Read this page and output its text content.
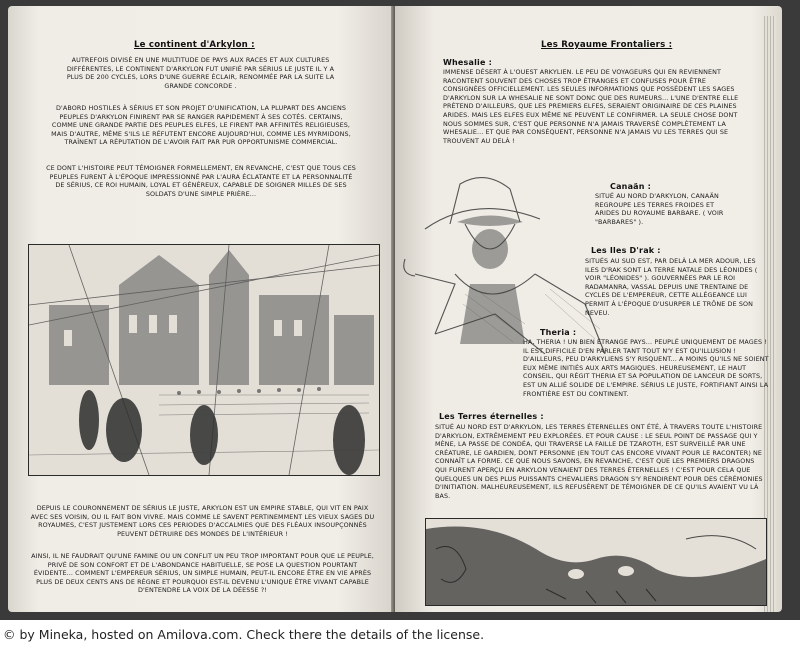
Le continent d'Arkylon :
AUTREFOIS DIVISÉ EN UNE MULTITUDE DE PAYS AUX RACES ET AUX CULTURES DIFFÉRENTES, LE CONTINENT D'ARKYLON FUT UNIFIÉ PAR SÉRIUS LE JUSTE IL Y A PLUS DE 200 CYCLES, LORS D'UNE GUERRE ÉCLAIR, RENOMMÉE PAR LA SUITE LA GRANDE CONCORDE .
D'ABORD HOSTILES À SÉRIUS ET SON PROJET D'UNIFICATION, LA PLUPART DES ANCIENS PEUPLES D'ARKYLON FINIRENT PAR SE RANGER RAPIDEMENT À SES COTÉS. CERTAINS, COMME UNE GRANDE PARTIE DES PEUPLES ELFES, LE FIRENT PAR AFFINITÉS RELIGIEUSES, MAIS D'AUTRE, MÊME S'ILS LE RÉFUTENT ENCORE AUJOURD'HUI, COMME LES MYRMIDONS, TRAÎNENT LA RÉPUTATION DE L'AVOIR FAIT PAR PUR OPPORTUNISME COMMERCIAL.
CE DONT L'HISTOIRE PEUT TÉMOIGNER FORMELLEMENT, EN REVANCHE, C'EST QUE TOUS CES PEUPLES FURENT À L'ÉPOQUE IMPRESSIONNÉ PAR L'AURA ÉCLATANTE ET LA PERSONNALITÉ DE SÉRIUS, CE ROI HUMAIN, LOYAL ET GÉNÉREUX, CAPABLE DE SOIGNER MILLES DE SES SOLDATS D'UNE SIMPLE PRIÈRE...
DEPUIS LE COURONNEMENT DE SÉRIUS LE JUSTE, ARKYLON EST UN EMPIRE STABLE, QUI VIT EN PAIX AVEC SES VOISIN, OU IL FAIT BON VIVRE. MAIS COMME LE SAVENT PERTINEMMENT LES VIEUX SAGES DU ROYAUMES, C'EST JUSTEMENT LORS CES PERIODES D'ACCALMIES QUE DES FLÉAUX INSOUPÇONNÉS PEUVENT DÉTRUIRE DES MONDES DE L'INTÉRIEUR !
AINSI, IL NE FAUDRAIT QU'UNE FAMINE OU UN CONFLIT UN PEU TROP IMPORTANT POUR QUE LE PEUPLE, PRIVÉ DE SON CONFORT ET DE L'ABONDANCE HABITUELLE, SE POSE LA QUESTION POURTANT ÉVIDENTE... COMMENT L'EMPEREUR SÉRIUS, UN SIMPLE HUMAIN, PEUT-IL ENCORE ÊTRE EN VIE APRÈS PLUS DE DEUX CENTS ANS DE RÈGNE ET POURQUOI EST-IL DEVENU L'UNIQUE ÊTRE VIVANT CAPABLE D'ENTENDRE LA VOIX DE LA DÉESSE ?!
Les Royaume Frontaliers :
Whesalie :
IMMENSE DÉSERT À L'OUEST ARKYLIEN. LE PEU DE VOYAGEURS QUI EN REVIENNENT RACONTENT SOUVENT DES CHOSES TROP ÉTRANGES ET CONFUSES POUR ÊTRE CONSIGNÉES OFFICIELLEMENT. LES SEULES INFORMATIONS QUE POSSÈDENT LES SAGES D'ARKYLON SUR LA WHESALIE NE SONT DONC QUE DES RUMEURS... L'UNE D'ENTRE ELLE PRÉTEND D'AILLEURS, QUE LES PREMIERS ELFES, SERAIENT ORIGINAIRE DE CES PLAINES ARIDES. MAIS LES ELFES EUX MÊME NE PEUVENT LE CONFIRMER. LA SEULE CHOSE DONT NOUS SOMMES SUR, C'EST QUE PERSONNE N'A JAMAIS TRAVERSÉ COMPLÈTEMENT LA WHESALIE... ET QUE PAR CONSÉQUENT, PERSONNE N'A JAMAIS VU LES TERRES QUI SE TROUVENT AU DELÀ !
Canaän :
SITUÉ AU NORD D'ARKYLON, CANAÄN REGROUPE LES TERRES FROIDES ET ARIDES DU ROYAUME BARBARE. ( VOIR "BARBARES" ).
Les Iles D'rak :
SITUÉS AU SUD EST, PAR DELÀ LA MER ADOUR, LES ILES D'RAK SONT LA TERRE NATALE DES LÉONIDES ( VOIR "LÉONIDES" ). GOUVERNÉES PAR LE ROI RADAMANRA, VASSAL DEPUIS UNE TRENTAINE DE CYCLES DE L'EMPEREUR, CETTE ALLÉGEANCE LUI PERMIT À L'ÉPOQUE D'USURPER LE TRÔNE DE SON NEVEU.
Theria :
HA, THERIA ! UN BIEN ÉTRANGE PAYS... PEUPLÉ UNIQUEMENT DE MAGES ! IL EST DIFFICILE D'EN PARLER TANT TOUT N'Y EST QU'ILLUSION ! D'AILLEURS, PEU D'ARKYLIENS S'Y RISQUENT... A MOINS QU'ILS NE SOIENT EUX MÊME INITIÉS AUX ARTS MAGIQUES. HEUREUSEMENT, LE HAUT CONSEIL, QUI RÉGIT THERIA ET SA POPULATION DE LANCEUR DE SORTS, EST UN ALLIÉ SOLIDE DE L'EMPIRE. SÉRIUS LE JUSTE, FORTIFIANT AINSI LA FRONTIÈRE EST DU CONTINENT.
Les Terres éternelles :
SITUÉ AU NORD EST D'ARKYLON, LES TERRES ÉTERNELLES ONT ÉTÉ, À TRAVERS TOUTE L'HISTOIRE D'ARKYLON, EXTRÊMEMENT PEU EXPLORÉES. ET POUR CAUSE : LE SEUL POINT DE PASSAGE QUI Y MÈNE, LA PASSE DE CONDÉA, QUI TRAVERSE LA FAILLE DE TZAROTH, EST SURVEILLÉ PAR UNE CRÉATURE, LE GARDIEN, DONT PERSONNE (EN TOUT CAS ENCORE VIVANT POUR LE RACONTER) NE CONNAÎT LA FORME. CE QUE NOUS SAVONS, EN REVANCHE, C'EST QUE LES PREMIERS DRAGONS QUI FURENT APERÇU EN ARKYLON VENAIENT DES TERRES ÉTERNELLES ! C'EST POUR CELA QUE QUELQUES UN DES PLUS PUISSANTS CHEVALIERS DRAGON S'Y RENDIRENT POUR DES CÉRÉMONIES D'INITIATION. MALHEUREUSEMENT, ILS REFUSÈRENT DE TÉMOIGNER DE CE QU'ILS AVAIENT VU LÀ BAS.
© by Mineka, hosted on Amilova.com. Check there the details of the license.
